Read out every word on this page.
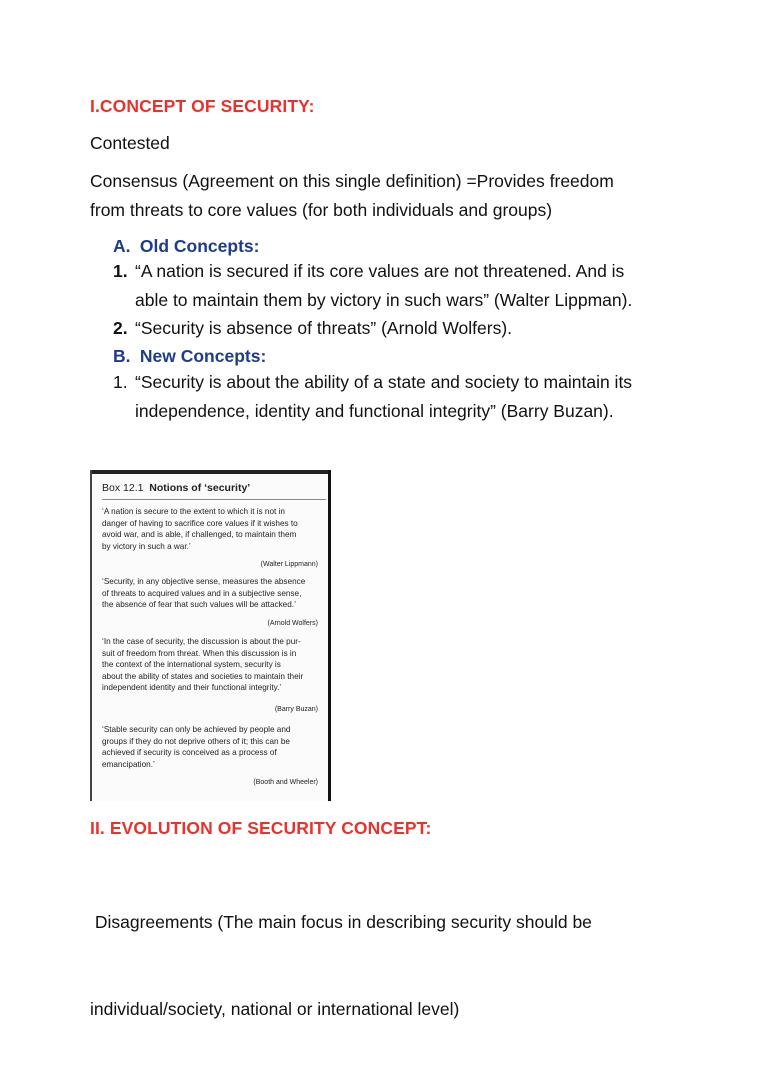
I.CONCEPT OF SECURITY:
Contested
Consensus (Agreement on this single definition) =Provides freedom
from threats to core values (for both individuals and groups)
A. Old Concepts:
1. “A nation is secured if its core values are not threatened. And is
able to maintain them by victory in such wars” (Walter Lippman).
2. “Security is absence of threats” (Arnold Wolfers).
B. New Concepts:
1. “Security is about the ability of a state and society to maintain its
independence, identity and functional integrity” (Barry Buzan).
Box 12.1 Notions of ‘security’
‘A nation is secure to the extent to which it is not in
danger of having to sacrifice core values if it wishes to
avoid war, and is able, if challenged, to maintain them
by victory in such a war.’
(Walter Lippmann)
‘Security, in any objective sense, measures the absence
of threats to acquired values and in a subjective sense,
the absence of fear that such values will be attacked.’
(Arnold Wolfers)
‘In the case of security, the discussion is about the pur-
suit of freedom from threat. When this discussion is in
the context of the international system, security is
about the ability of states and societies to maintain their
independent identity and their functional integrity.’
(Barry Buzan)
‘Stable security can only be achieved by people and
groups if they do not deprive others of it; this can be
achieved if security is conceived as a process of
emancipation.’
(Booth and Wheeler)
II. EVOLUTION OF SECURITY CONCEPT:

Disagreements (The main focus in describing security should be

individual/society, national or international level)
